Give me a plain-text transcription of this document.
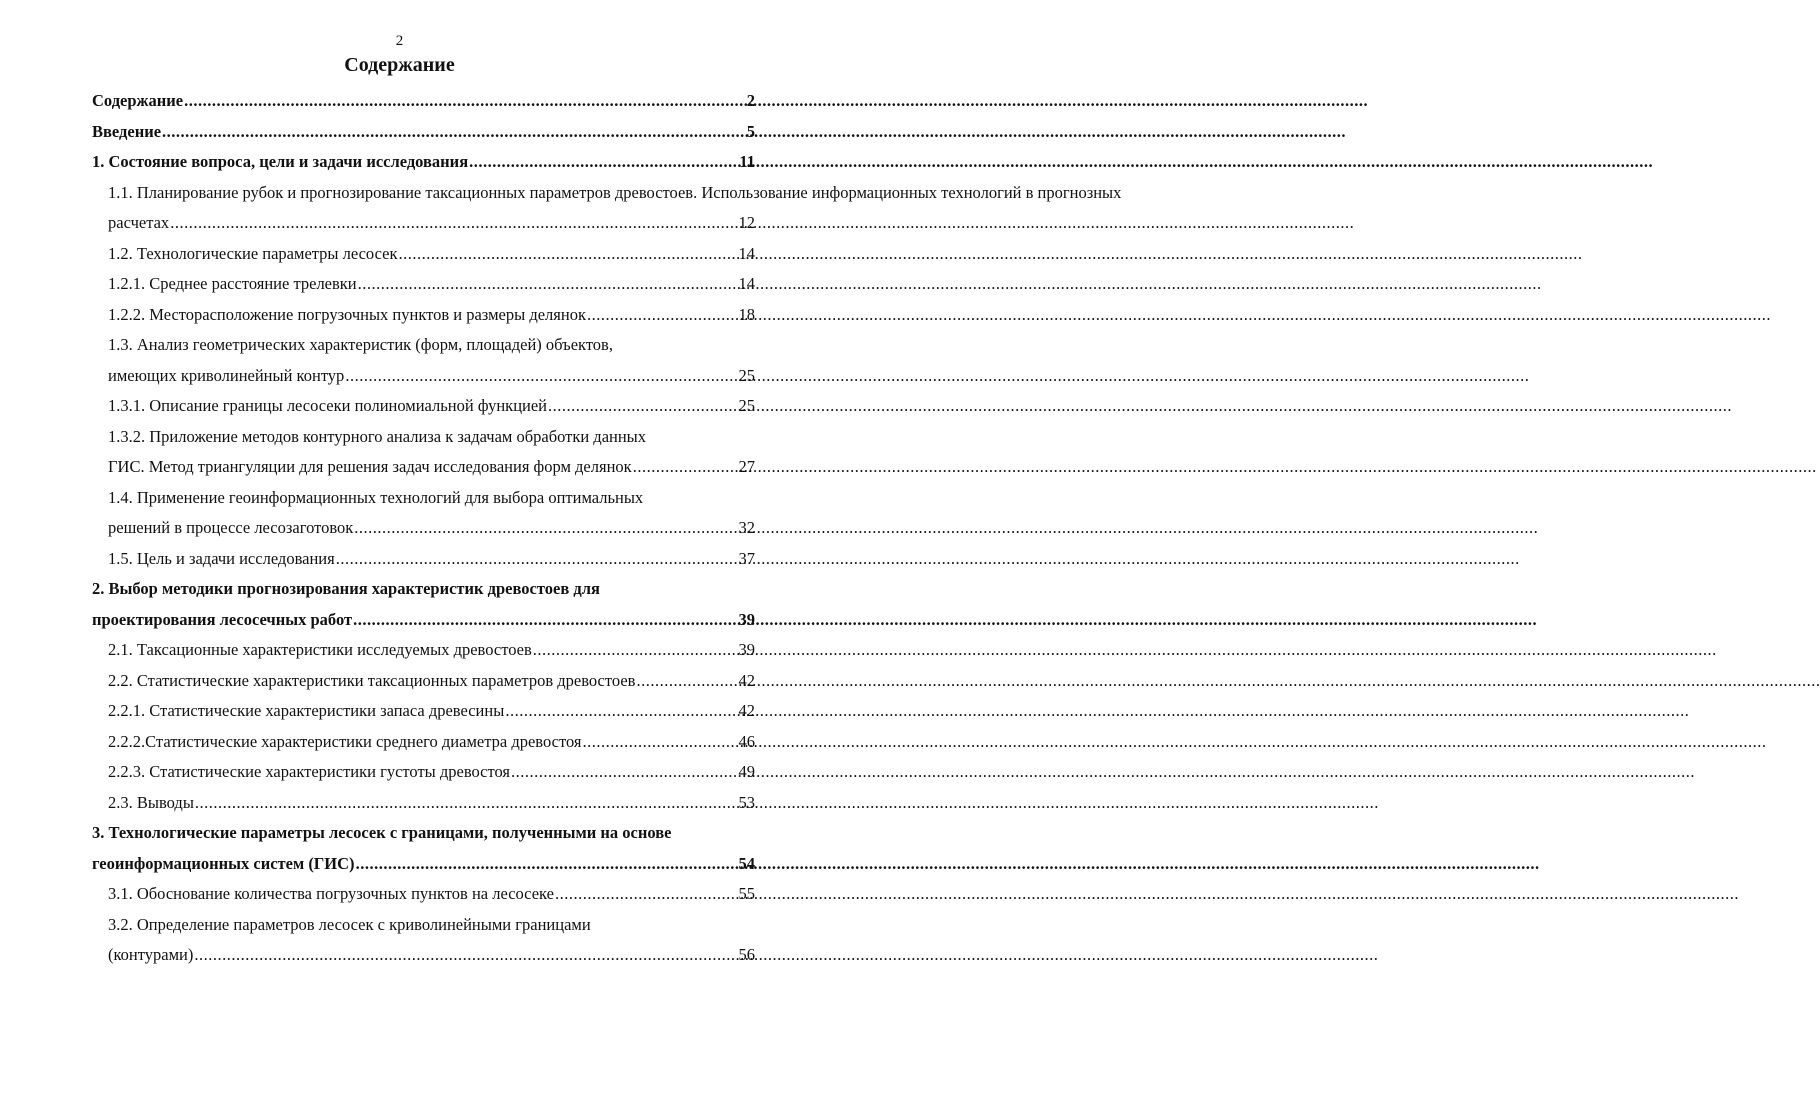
2
Содержание
Содержание .....	2
Введение .....	5
1. Состояние вопроса, цели и задачи исследования .....	11
1.1. Планирование рубок и прогнозирование таксационных параметров древостоев. Использование информационных технологий в прогнозных
расчетах .....	12
1.2. Технологические параметры лесосек .....	14
1.2.1. Среднее расстояние трелевки .....	14
1.2.2. Месторасположение погрузочных пунктов и размеры делянок .....	18
1.3. Анализ геометрических характеристик (форм, площадей) объектов,
имеющих криволинейный контур .....	25
1.3.1. Описание границы лесосеки полиномиальной функцией .....	25
1.3.2. Приложение методов контурного анализа к задачам обработки данных
ГИС. Метод триангуляции для решения задач исследования форм делянок .....	27
1.4. Применение геоинформационных технологий для выбора оптимальных
решений в процессе лесозаготовок .....	32
1.5. Цель и задачи исследования .....	37
2. Выбор методики прогнозирования характеристик древостоев для
проектирования лесосечных работ .....	39
2.1. Таксационные характеристики исследуемых древостоев .....	39
2.2. Статистические характеристики таксационных параметров древостоев .....	42
2.2.1. Статистические характеристики запаса древесины .....	42
2.2.2.Статистические характеристики среднего диаметра древостоя .....	46
2.2.3. Статистические характеристики густоты древостоя .....	49
2.3. Выводы .....	53
3. Технологические параметры лесосек с границами, полученными на основе
геоинформационных систем (ГИС) .....	54
3.1. Обоснование количества погрузочных пунктов на лесосеке .....	55
3.2. Определение параметров лесосек с криволинейными границами
(контурами) .....	56
